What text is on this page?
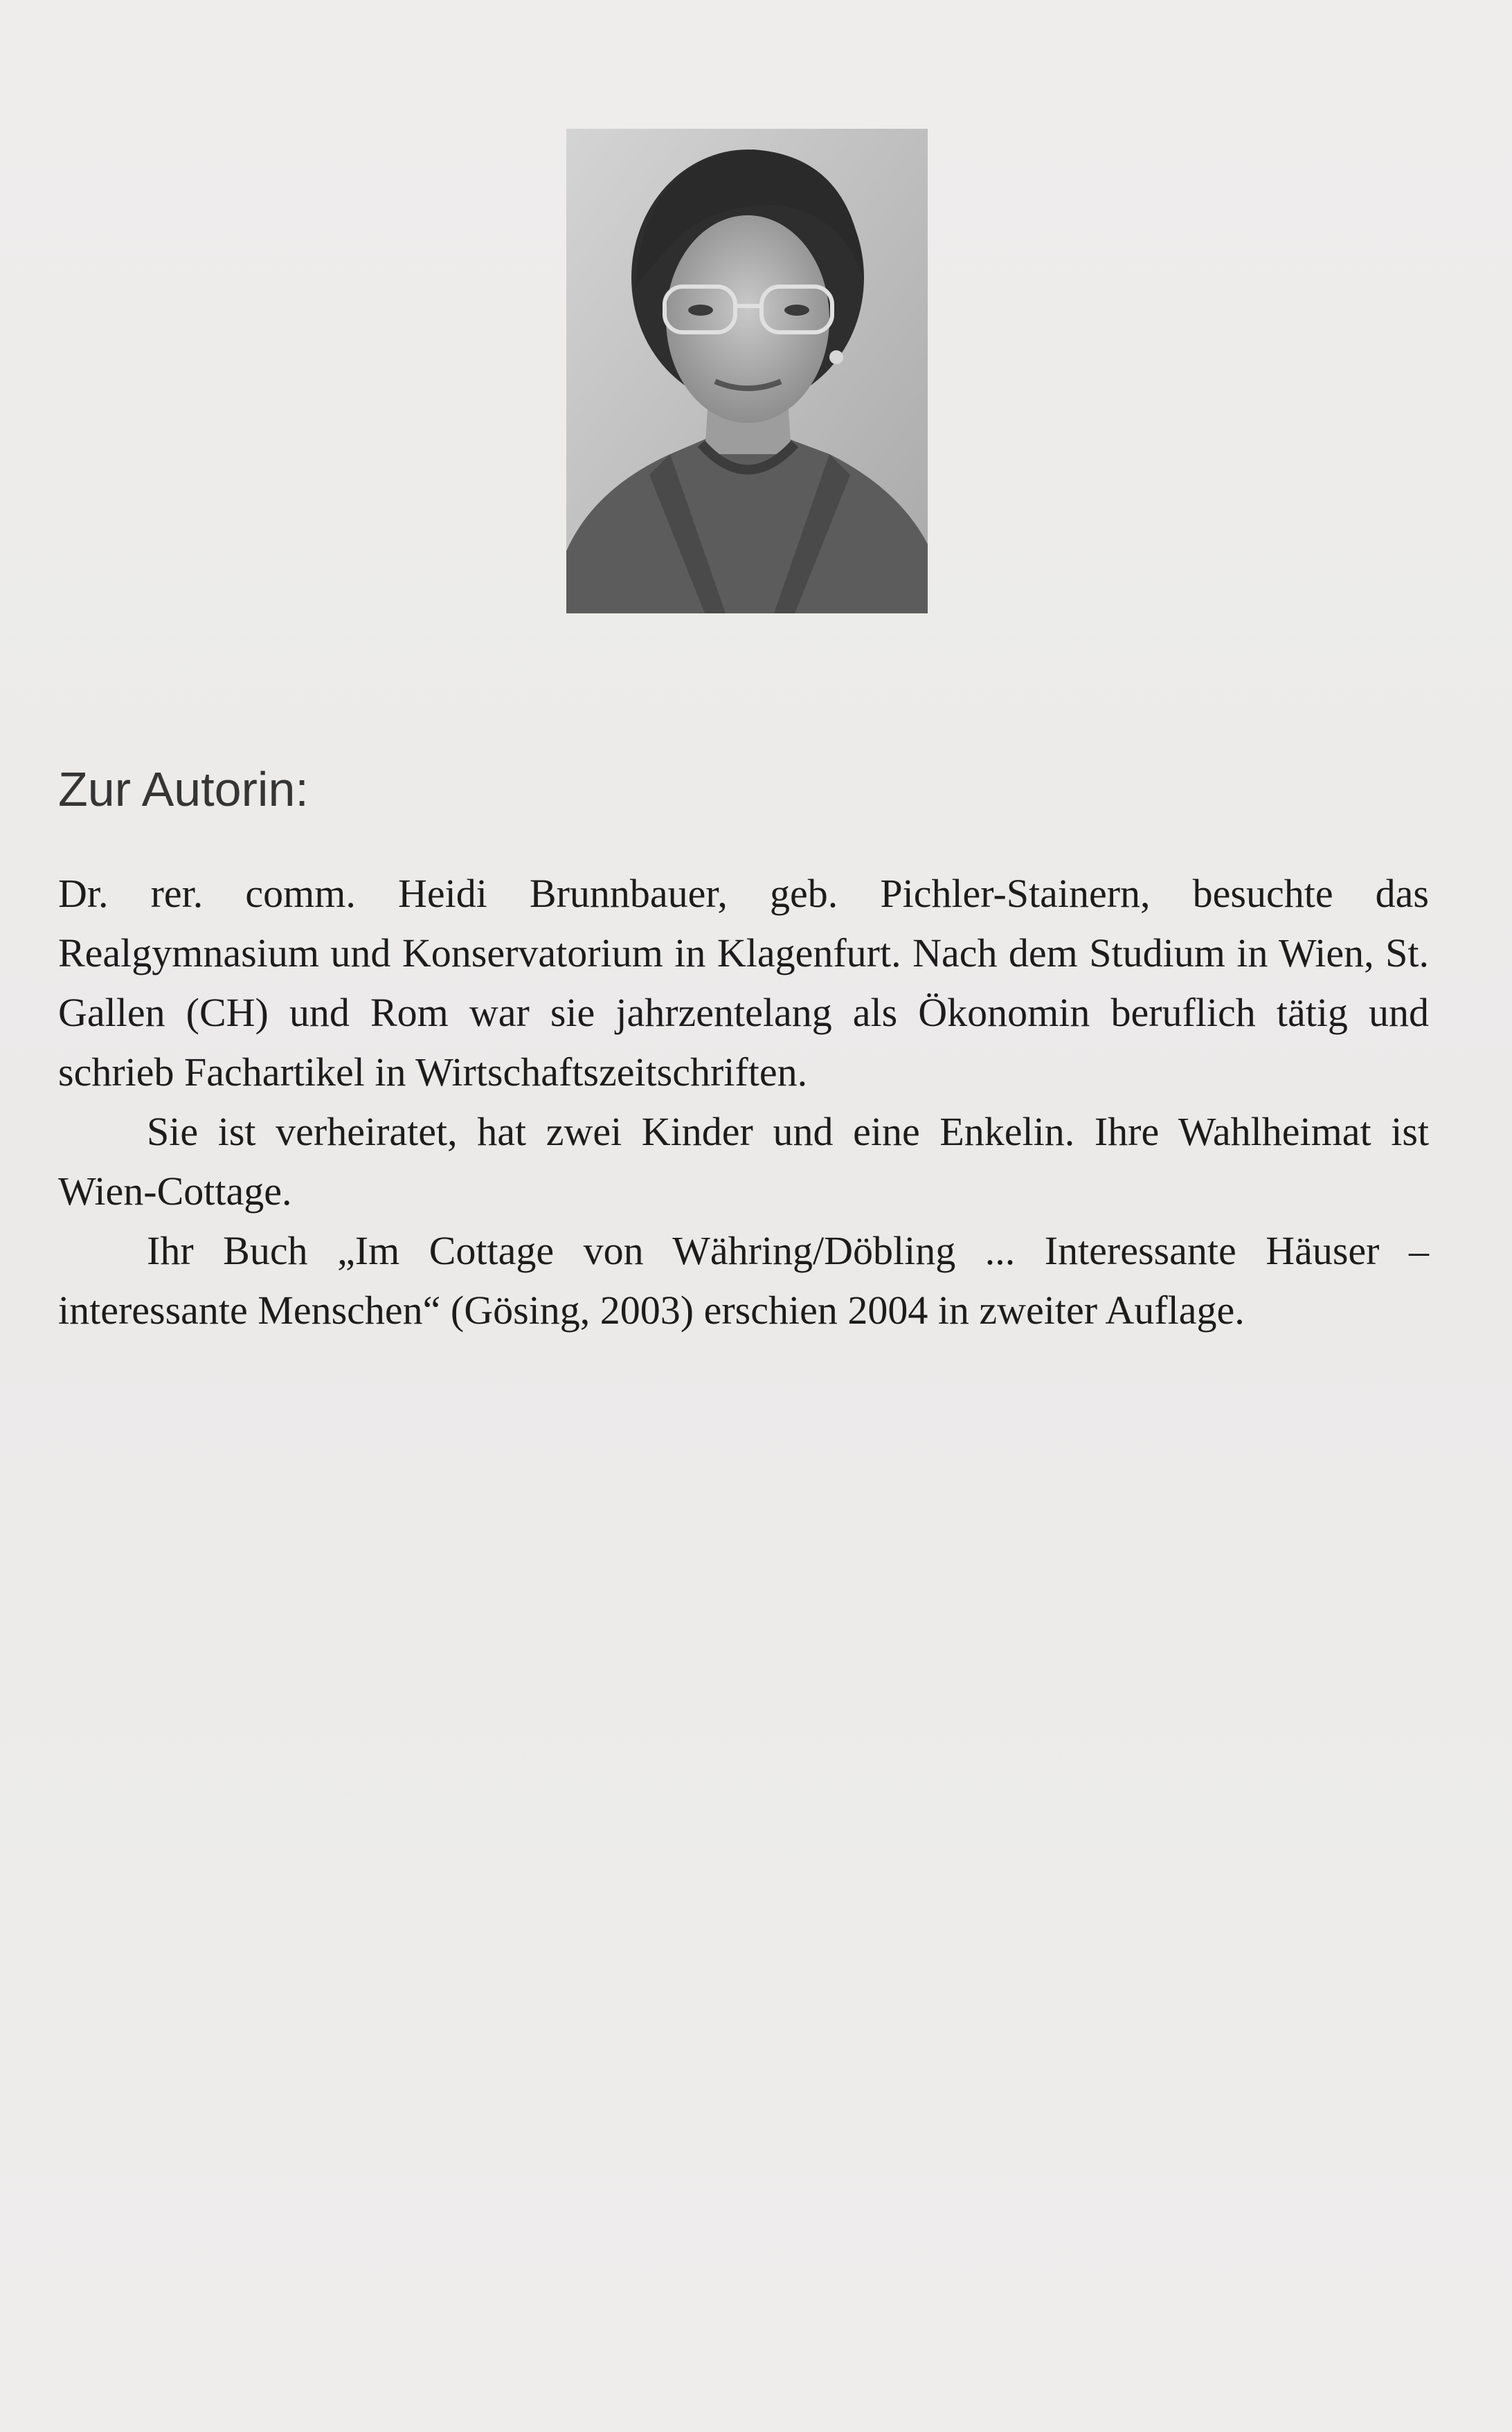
Zur Autorin:

Dr. rer. comm. Heidi Brunnbauer, geb. Pichler-Stainern, besuchte das Realgymnasium und Konservatorium in Klagenfurt. Nach dem Studium in Wien, St. Gallen (CH) und Rom war sie jahrzentelang als Ökonomin beruflich tätig und schrieb Fachartikel in Wirtschaftszeitschriften.

Sie ist verheiratet, hat zwei Kinder und eine Enkelin. Ihre Wahlheimat ist Wien-Cottage.

Ihr Buch „Im Cottage von Währing/Döbling ... Interessante Häuser – interessante Menschen“ (Gösing, 2003) erschien 2004 in zweiter Auflage.
